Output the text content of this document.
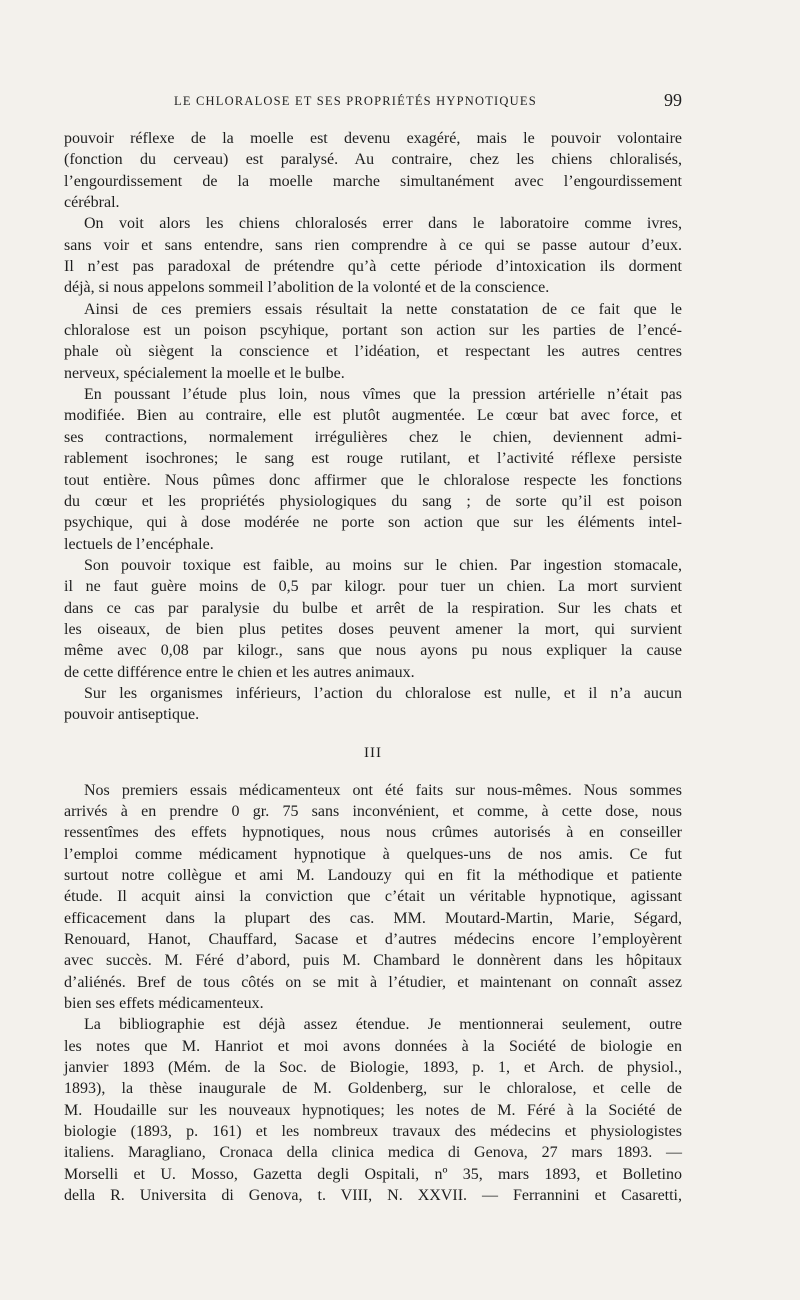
LE CHLORALOSE ET SES PROPRIÉTÉS HYPNOTIQUES	99
pouvoir réflexe de la moelle est devenu exagéré, mais le pouvoir volontaire
(fonction du cerveau) est paralysé. Au contraire, chez les chiens chloralisés,
l’engourdissement de la moelle marche simultanément avec l’engourdissement
cérébral.
On voit alors les chiens chloralosés errer dans le laboratoire comme ivres,
sans voir et sans entendre, sans rien comprendre à ce qui se passe autour d’eux.
Il n’est pas paradoxal de prétendre qu’à cette période d’intoxication ils dorment
déjà, si nous appelons sommeil l’abolition de la volonté et de la conscience.
Ainsi de ces premiers essais résultait la nette constatation de ce fait que le
chloralose est un poison pscyhique, portant son action sur les parties de l’encé-
phale où siègent la conscience et l’idéation, et respectant les autres centres
nerveux, spécialement la moelle et le bulbe.
En poussant l’étude plus loin, nous vîmes que la pression artérielle n’était pas
modifiée. Bien au contraire, elle est plutôt augmentée. Le cœur bat avec force, et
ses contractions, normalement irrégulières chez le chien, deviennent admi-
rablement isochrones; le sang est rouge rutilant, et l’activité réflexe persiste
tout entière. Nous pûmes donc affirmer que le chloralose respecte les fonctions
du cœur et les propriétés physiologiques du sang ; de sorte qu’il est poison
psychique, qui à dose modérée ne porte son action que sur les éléments intel-
lectuels de l’encéphale.
Son pouvoir toxique est faible, au moins sur le chien. Par ingestion stomacale,
il ne faut guère moins de 0,5 par kilogr. pour tuer un chien. La mort survient
dans ce cas par paralysie du bulbe et arrêt de la respiration. Sur les chats et
les oiseaux, de bien plus petites doses peuvent amener la mort, qui survient
même avec 0,08 par kilogr., sans que nous ayons pu nous expliquer la cause
de cette différence entre le chien et les autres animaux.
Sur les organismes inférieurs, l’action du chloralose est nulle, et il n’a aucun
pouvoir antiseptique.
III
Nos premiers essais médicamenteux ont été faits sur nous-mêmes. Nous sommes
arrivés à en prendre 0 gr. 75 sans inconvénient, et comme, à cette dose, nous
ressentîmes des effets hypnotiques, nous nous crûmes autorisés à en conseiller
l’emploi comme médicament hypnotique à quelques-uns de nos amis. Ce fut
surtout notre collègue et ami M. Landouzy qui en fit la méthodique et patiente
étude. Il acquit ainsi la conviction que c’était un véritable hypnotique, agissant
efficacement dans la plupart des cas. MM. Moutard-Martin, Marie, Ségard,
Renouard, Hanot, Chauffard, Sacase et d’autres médecins encore l’employèrent
avec succès. M. Féré d’abord, puis M. Chambard le donnèrent dans les hôpitaux
d’aliénés. Bref de tous côtés on se mit à l’étudier, et maintenant on connaît assez
bien ses effets médicamenteux.
La bibliographie est déjà assez étendue. Je mentionnerai seulement, outre
les notes que M. Hanriot et moi avons données à la Société de biologie en
janvier 1893 (Mém. de la Soc. de Biologie, 1893, p. 1, et Arch. de physiol.,
1893), la thèse inaugurale de M. Goldenberg, sur le chloralose, et celle de
M. Houdaille sur les nouveaux hypnotiques; les notes de M. Féré à la Société de
biologie (1893, p. 161) et les nombreux travaux des médecins et physiologistes
italiens. Maragliano, Cronaca della clinica medica di Genova, 27 mars 1893. —
Morselli et U. Mosso, Gazetta degli Ospitali, nº 35, mars 1893, et Bolletino
della R. Universita di Genova, t. VIII, N. XXVII. — Ferrannini et Casaretti,
